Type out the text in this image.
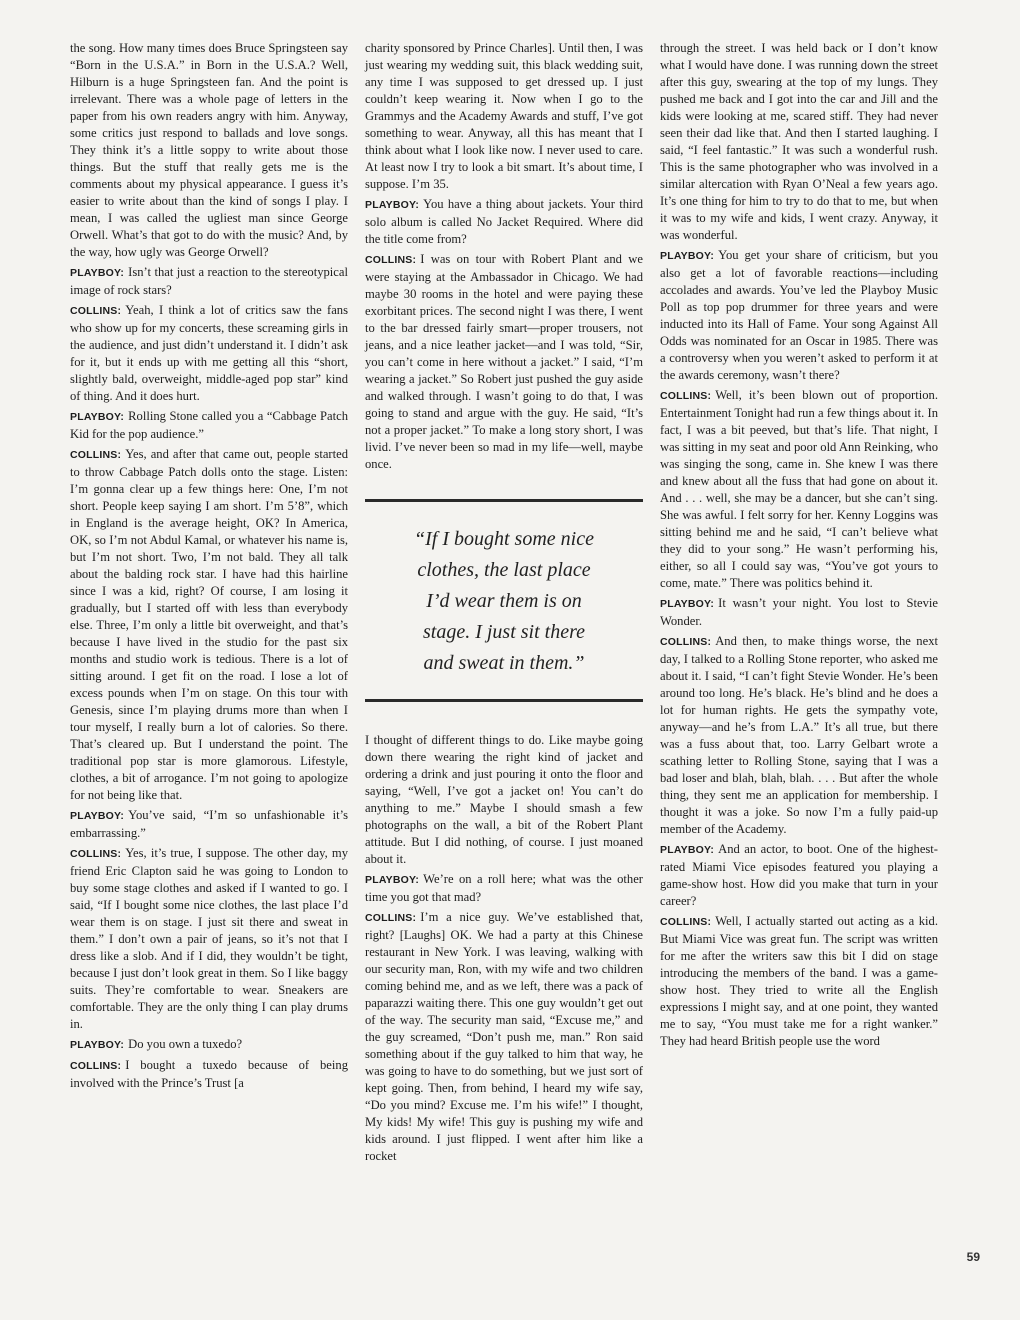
the song. How many times does Bruce Springsteen say “Born in the U.S.A.” in Born in the U.S.A.? Well, Hilburn is a huge Springsteen fan. And the point is irrelevant. There was a whole page of letters in the paper from his own readers angry with him. Anyway, some critics just respond to ballads and love songs. They think it’s a little soppy to write about those things. But the stuff that really gets me is the comments about my physical appearance. I guess it’s easier to write about than the kind of songs I play. I mean, I was called the ugliest man since George Orwell. What’s that got to do with the music? And, by the way, how ugly was George Orwell?

PLAYBOY: Isn’t that just a reaction to the stereotypical image of rock stars?

COLLINS: Yeah, I think a lot of critics saw the fans who show up for my concerts, these screaming girls in the audience, and just didn’t understand it. I didn’t ask for it, but it ends up with me getting all this “short, slightly bald, overweight, middle-aged pop star” kind of thing. And it does hurt.

PLAYBOY: Rolling Stone called you a “Cabbage Patch Kid for the pop audience.”

COLLINS: Yes, and after that came out, people started to throw Cabbage Patch dolls onto the stage. Listen: I’m gonna clear up a few things here: One, I’m not short. People keep saying I am short. I’m 5’8”, which in England is the average height, OK? In America, OK, so I’m not Abdul Kamal, or whatever his name is, but I’m not short. Two, I’m not bald. They all talk about the balding rock star. I have had this hairline since I was a kid, right? Of course, I am losing it gradually, but I started off with less than everybody else. Three, I’m only a little bit overweight, and that’s because I have lived in the studio for the past six months and studio work is tedious. There is a lot of sitting around. I get fit on the road. I lose a lot of excess pounds when I’m on stage. On this tour with Genesis, since I’m playing drums more than when I tour myself, I really burn a lot of calories. So there. That’s cleared up. But I understand the point. The traditional pop star is more glamorous. Lifestyle, clothes, a bit of arrogance. I’m not going to apologize for not being like that.

PLAYBOY: You’ve said, “I’m so unfashionable it’s embarrassing.”

COLLINS: Yes, it’s true, I suppose. The other day, my friend Eric Clapton said he was going to London to buy some stage clothes and asked if I wanted to go. I said, “If I bought some nice clothes, the last place I’d wear them is on stage. I just sit there and sweat in them.” I don’t own a pair of jeans, so it’s not that I dress like a slob. And if I did, they wouldn’t be tight, because I just don’t look great in them. So I like baggy suits. They’re comfortable to wear. Sneakers are comfortable. They are the only thing I can play drums in.

PLAYBOY: Do you own a tuxedo?

COLLINS: I bought a tuxedo because of being involved with the Prince’s Trust [a

charity sponsored by Prince Charles]. Until then, I was just wearing my wedding suit, this black wedding suit, any time I was supposed to get dressed up. I just couldn’t keep wearing it. Now when I go to the Grammys and the Academy Awards and stuff, I’ve got something to wear. Anyway, all this has meant that I think about what I look like now. I never used to care. At least now I try to look a bit smart. It’s about time, I suppose. I’m 35.

PLAYBOY: You have a thing about jackets. Your third solo album is called No Jacket Required. Where did the title come from?

COLLINS: I was on tour with Robert Plant and we were staying at the Ambassador in Chicago. We had maybe 30 rooms in the hotel and were paying these exorbitant prices. The second night I was there, I went to the bar dressed fairly smart—proper trousers, not jeans, and a nice leather jacket—and I was told, “Sir, you can’t come in here without a jacket.” I said, “I’m wearing a jacket.” So Robert just pushed the guy aside and walked through. I wasn’t going to do that, I was going to stand and argue with the guy. He said, “It’s not a proper jacket.” To make a long story short, I was livid. I’ve never been so mad in my life—well, maybe once.

“If I bought some nice
clothes, the last place
I’d wear them is on
stage. I just sit there
and sweat in them.”

I thought of different things to do. Like maybe going down there wearing the right kind of jacket and ordering a drink and just pouring it onto the floor and saying, “Well, I’ve got a jacket on! You can’t do anything to me.” Maybe I should smash a few photographs on the wall, a bit of the Robert Plant attitude. But I did nothing, of course. I just moaned about it.

PLAYBOY: We’re on a roll here; what was the other time you got that mad?

COLLINS: I’m a nice guy. We’ve established that, right? [Laughs] OK. We had a party at this Chinese restaurant in New York. I was leaving, walking with our security man, Ron, with my wife and two children coming behind me, and as we left, there was a pack of paparazzi waiting there. This one guy wouldn’t get out of the way. The security man said, “Excuse me,” and the guy screamed, “Don’t push me, man.” Ron said something about if the guy talked to him that way, he was going to have to do something, but we just sort of kept going. Then, from behind, I heard my wife say, “Do you mind? Excuse me. I’m his wife!” I thought, My kids! My wife! This guy is pushing my wife and kids around. I just flipped. I went after him like a rocket

through the street. I was held back or I don’t know what I would have done. I was running down the street after this guy, swearing at the top of my lungs. They pushed me back and I got into the car and Jill and the kids were looking at me, scared stiff. They had never seen their dad like that. And then I started laughing. I said, “I feel fantastic.” It was such a wonderful rush. This is the same photographer who was involved in a similar altercation with Ryan O’Neal a few years ago. It’s one thing for him to try to do that to me, but when it was to my wife and kids, I went crazy. Anyway, it was wonderful.

PLAYBOY: You get your share of criticism, but you also get a lot of favorable reactions—including accolades and awards. You’ve led the Playboy Music Poll as top pop drummer for three years and were inducted into its Hall of Fame. Your song Against All Odds was nominated for an Oscar in 1985. There was a controversy when you weren’t asked to perform it at the awards ceremony, wasn’t there?

COLLINS: Well, it’s been blown out of proportion. Entertainment Tonight had run a few things about it. In fact, I was a bit peeved, but that’s life. That night, I was sitting in my seat and poor old Ann Reinking, who was singing the song, came in. She knew I was there and knew about all the fuss that had gone on about it. And . . . well, she may be a dancer, but she can’t sing. She was awful. I felt sorry for her. Kenny Loggins was sitting behind me and he said, “I can’t believe what they did to your song.” He wasn’t performing his, either, so all I could say was, “You’ve got yours to come, mate.” There was politics behind it.

PLAYBOY: It wasn’t your night. You lost to Stevie Wonder.

COLLINS: And then, to make things worse, the next day, I talked to a Rolling Stone reporter, who asked me about it. I said, “I can’t fight Stevie Wonder. He’s been around too long. He’s black. He’s blind and he does a lot for human rights. He gets the sympathy vote, anyway—and he’s from L.A.” It’s all true, but there was a fuss about that, too. Larry Gelbart wrote a scathing letter to Rolling Stone, saying that I was a bad loser and blah, blah, blah. . . . But after the whole thing, they sent me an application for membership. I thought it was a joke. So now I’m a fully paid-up member of the Academy.

PLAYBOY: And an actor, to boot. One of the highest-rated Miami Vice episodes featured you playing a game-show host. How did you make that turn in your career?

COLLINS: Well, I actually started out acting as a kid. But Miami Vice was great fun. The script was written for me after the writers saw this bit I did on stage introducing the members of the band. I was a game-show host. They tried to write all the English expressions I might say, and at one point, they wanted me to say, “You must take me for a right wanker.” They had heard British people use the word

59
